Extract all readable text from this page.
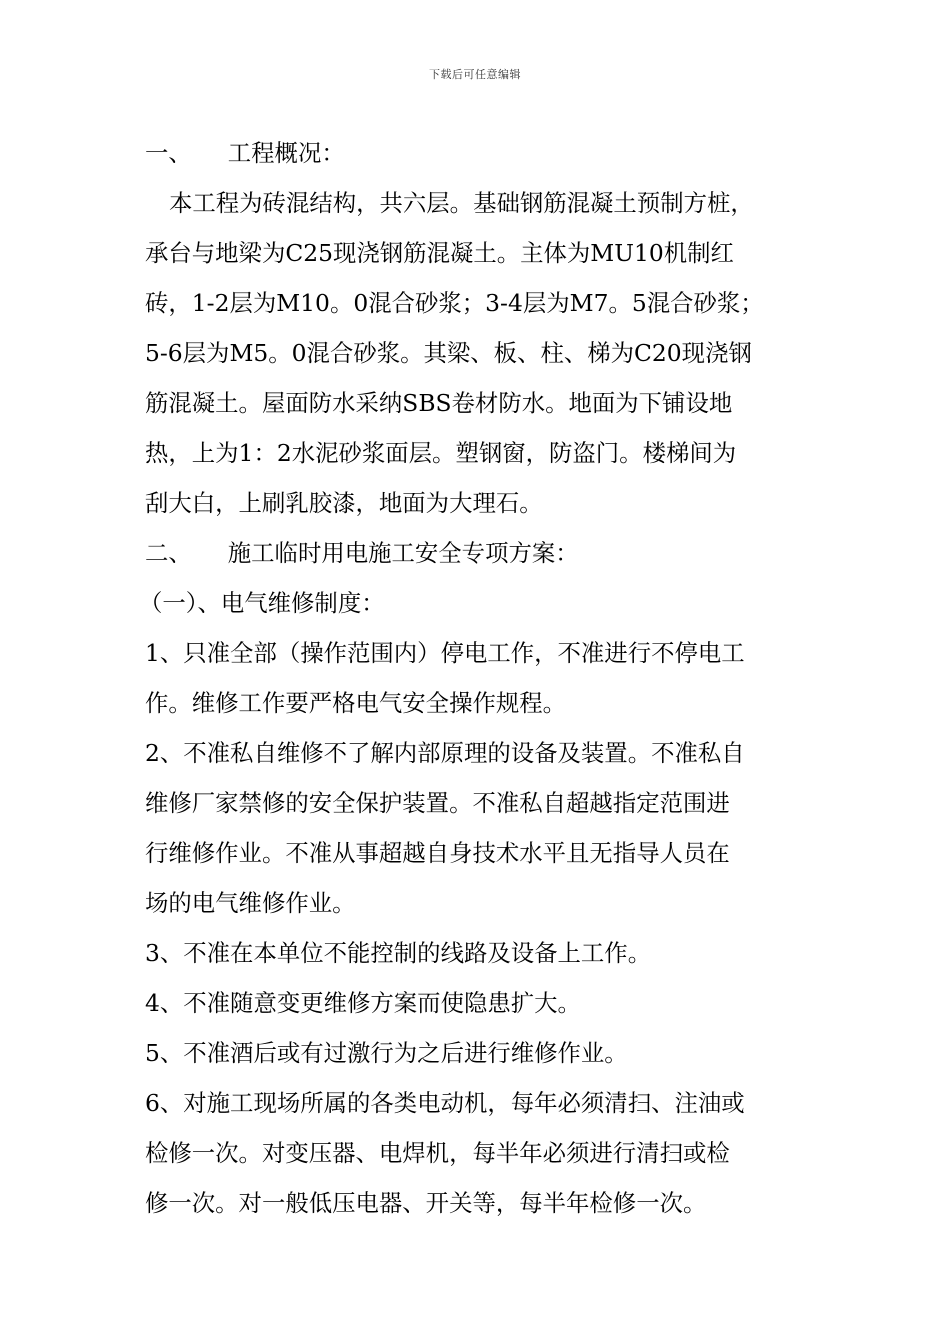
下载后可任意编辑
一、 工程概况：
本工程为砖混结构，共六层。基础钢筋混凝土预制方桩，
承台与地梁为C25现浇钢筋混凝土。主体为MU10机制红
砖，1-2层为M10。0混合砂浆；3-4层为M7。5混合砂浆；
5-6层为M5。0混合砂浆。其梁、板、柱、梯为C20现浇钢
筋混凝土。屋面防水采纳SBS卷材防水。地面为下铺设地
热，上为1：2水泥砂浆面层。塑钢窗，防盗门。楼梯间为
刮大白，上刷乳胶漆，地面为大理石。
二、 施工临时用电施工安全专项方案：
（一）、电气维修制度：
1、只准全部（操作范围内）停电工作，不准进行不停电工
作。维修工作要严格电气安全操作规程。
2、不准私自维修不了解内部原理的设备及装置。不准私自
维修厂家禁修的安全保护装置。不准私自超越指定范围进
行维修作业。不准从事超越自身技术水平且无指导人员在
场的电气维修作业。
3、不准在本单位不能控制的线路及设备上工作。
4、不准随意变更维修方案而使隐患扩大。
5、不准酒后或有过激行为之后进行维修作业。
6、对施工现场所属的各类电动机，每年必须清扫、注油或
检修一次。对变压器、电焊机，每半年必须进行清扫或检
修一次。对一般低压电器、开关等，每半年检修一次。
